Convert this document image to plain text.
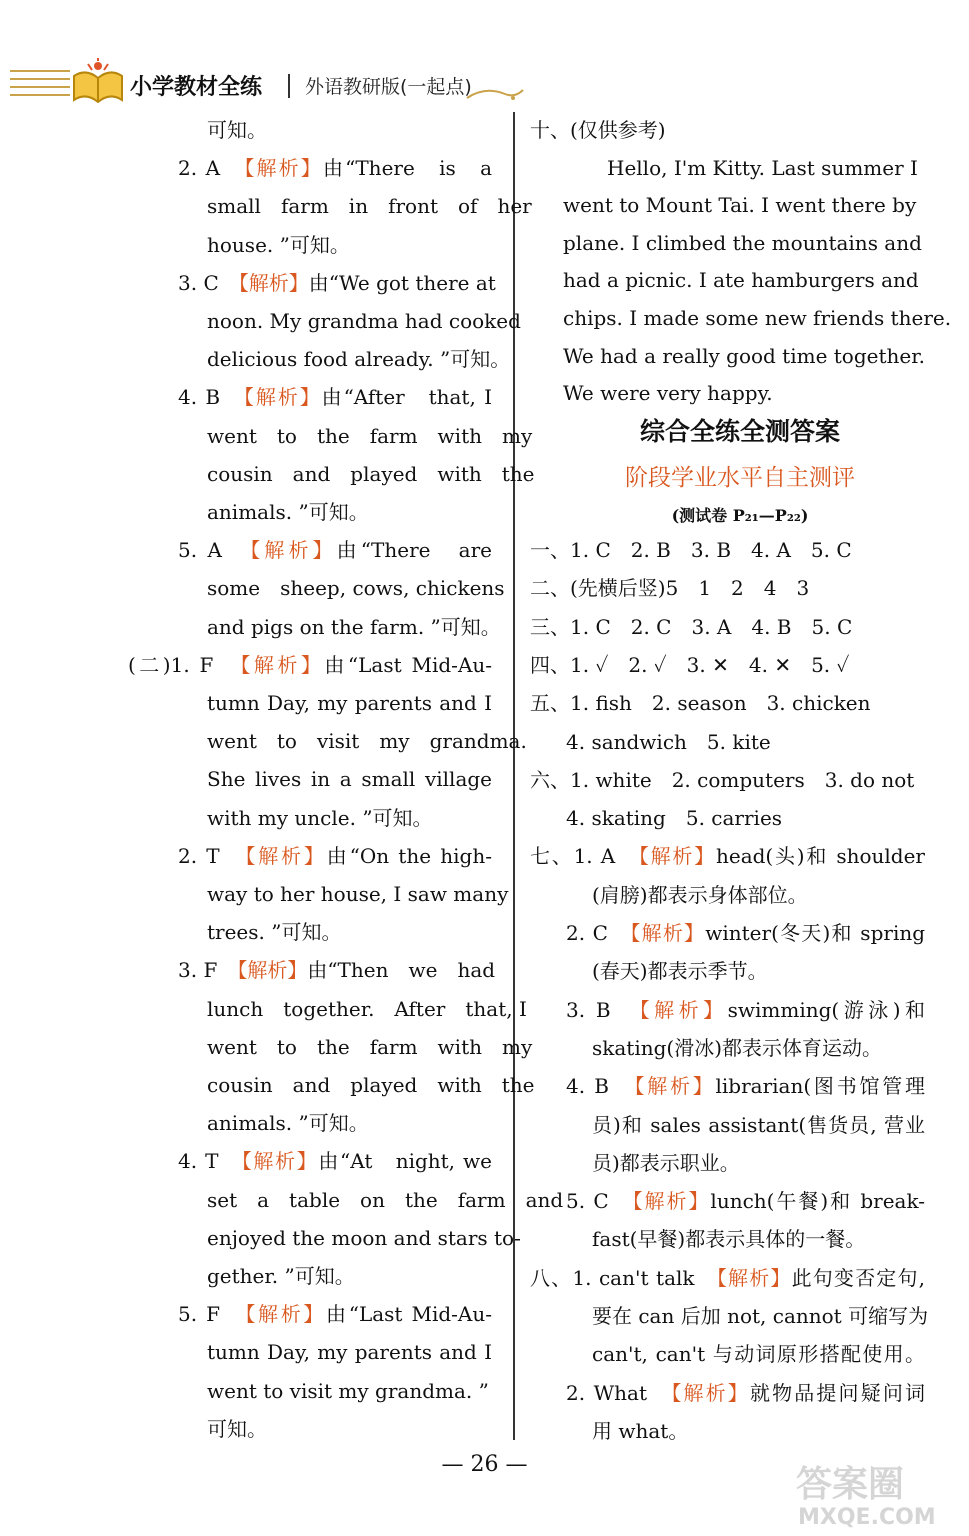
小学教材全练 外语教研版(一起点)
可知。
2. A　【解析】由“There　is　a
small　farm　in　front　of　her
house. ”可知。
3. C　【解析】由“We got there at
noon. My grandma had cooked
delicious food already. ”可知。
4. B　【解析】由“After　that, I
went　to　the　farm　with　my
cousin　and　played　with　the
animals. ”可知。
5. A　【解析】由“There　are
some　sheep, cows, chickens
and pigs on the farm. ”可知。
(二)1. F　【解析】由“Last Mid-Au-
tumn Day, my parents and I
went　to　visit　my　grandma.
She lives in a small village
with my uncle. ”可知。
2. T　【解析】由“On the high-
way to her house, I saw many
trees. ”可知。
3. F　【解析】由“Then　we　had
lunch　together.　After　that, I
went　to　the　farm　with　my
cousin　and　played　with　the
animals. ”可知。
4. T　【解析】由“At　night, we
set　a　table　on　the　farm　and
enjoyed the moon and stars to-
gether. ”可知。
5. F　【解析】由“Last Mid-Au-
tumn Day, my parents and I
went to visit my grandma. ”
可知。
十、(仅供参考)
Hello, I'm Kitty. Last summer I
went to Mount Tai. I went there by
plane. I climbed the mountains and
had a picnic. I ate hamburgers and
chips. I made some new friends there.
We had a really good time together.
We were very happy.
一、1. C　2. B　3. B　4. A　5. C
二、(先横后竖)5　1　2　4　3
三、1. C　2. C　3. A　4. B　5. C
四、1. ✓　2. ✓　3. ✕　4. ✕　5. ✓
五、1. fish　2. season　3. chicken
4. sandwich　5. kite
六、1. white　2. computers　3. do not
4. skating　5. carries
七、1. A　【解析】head(头)和 shoulder
(肩膀)都表示身体部位。
2. C　【解析】winter(冬天)和 spring
(春天)都表示季节。
3. B　【解析】swimming(游泳)和
skating(滑冰)都表示体育运动。
4. B　【解析】librarian(图书馆管理
员)和 sales assistant(售货员, 营业
员)都表示职业。
5. C　【解析】lunch(午餐)和 break-
fast(早餐)都表示具体的一餐。
八、1. can't talk　【解析】此句变否定句,
要在 can 后加 not, cannot 可缩写为
can't, can't 与动词原形搭配使用。
2. What　【解析】就物品提问疑问词
用 what。
综合全练全测答案
阶段学业水平自主测评
(测试卷 P₂₁—P₂₂)
— 26 —	答案圈
MXQE.COM
